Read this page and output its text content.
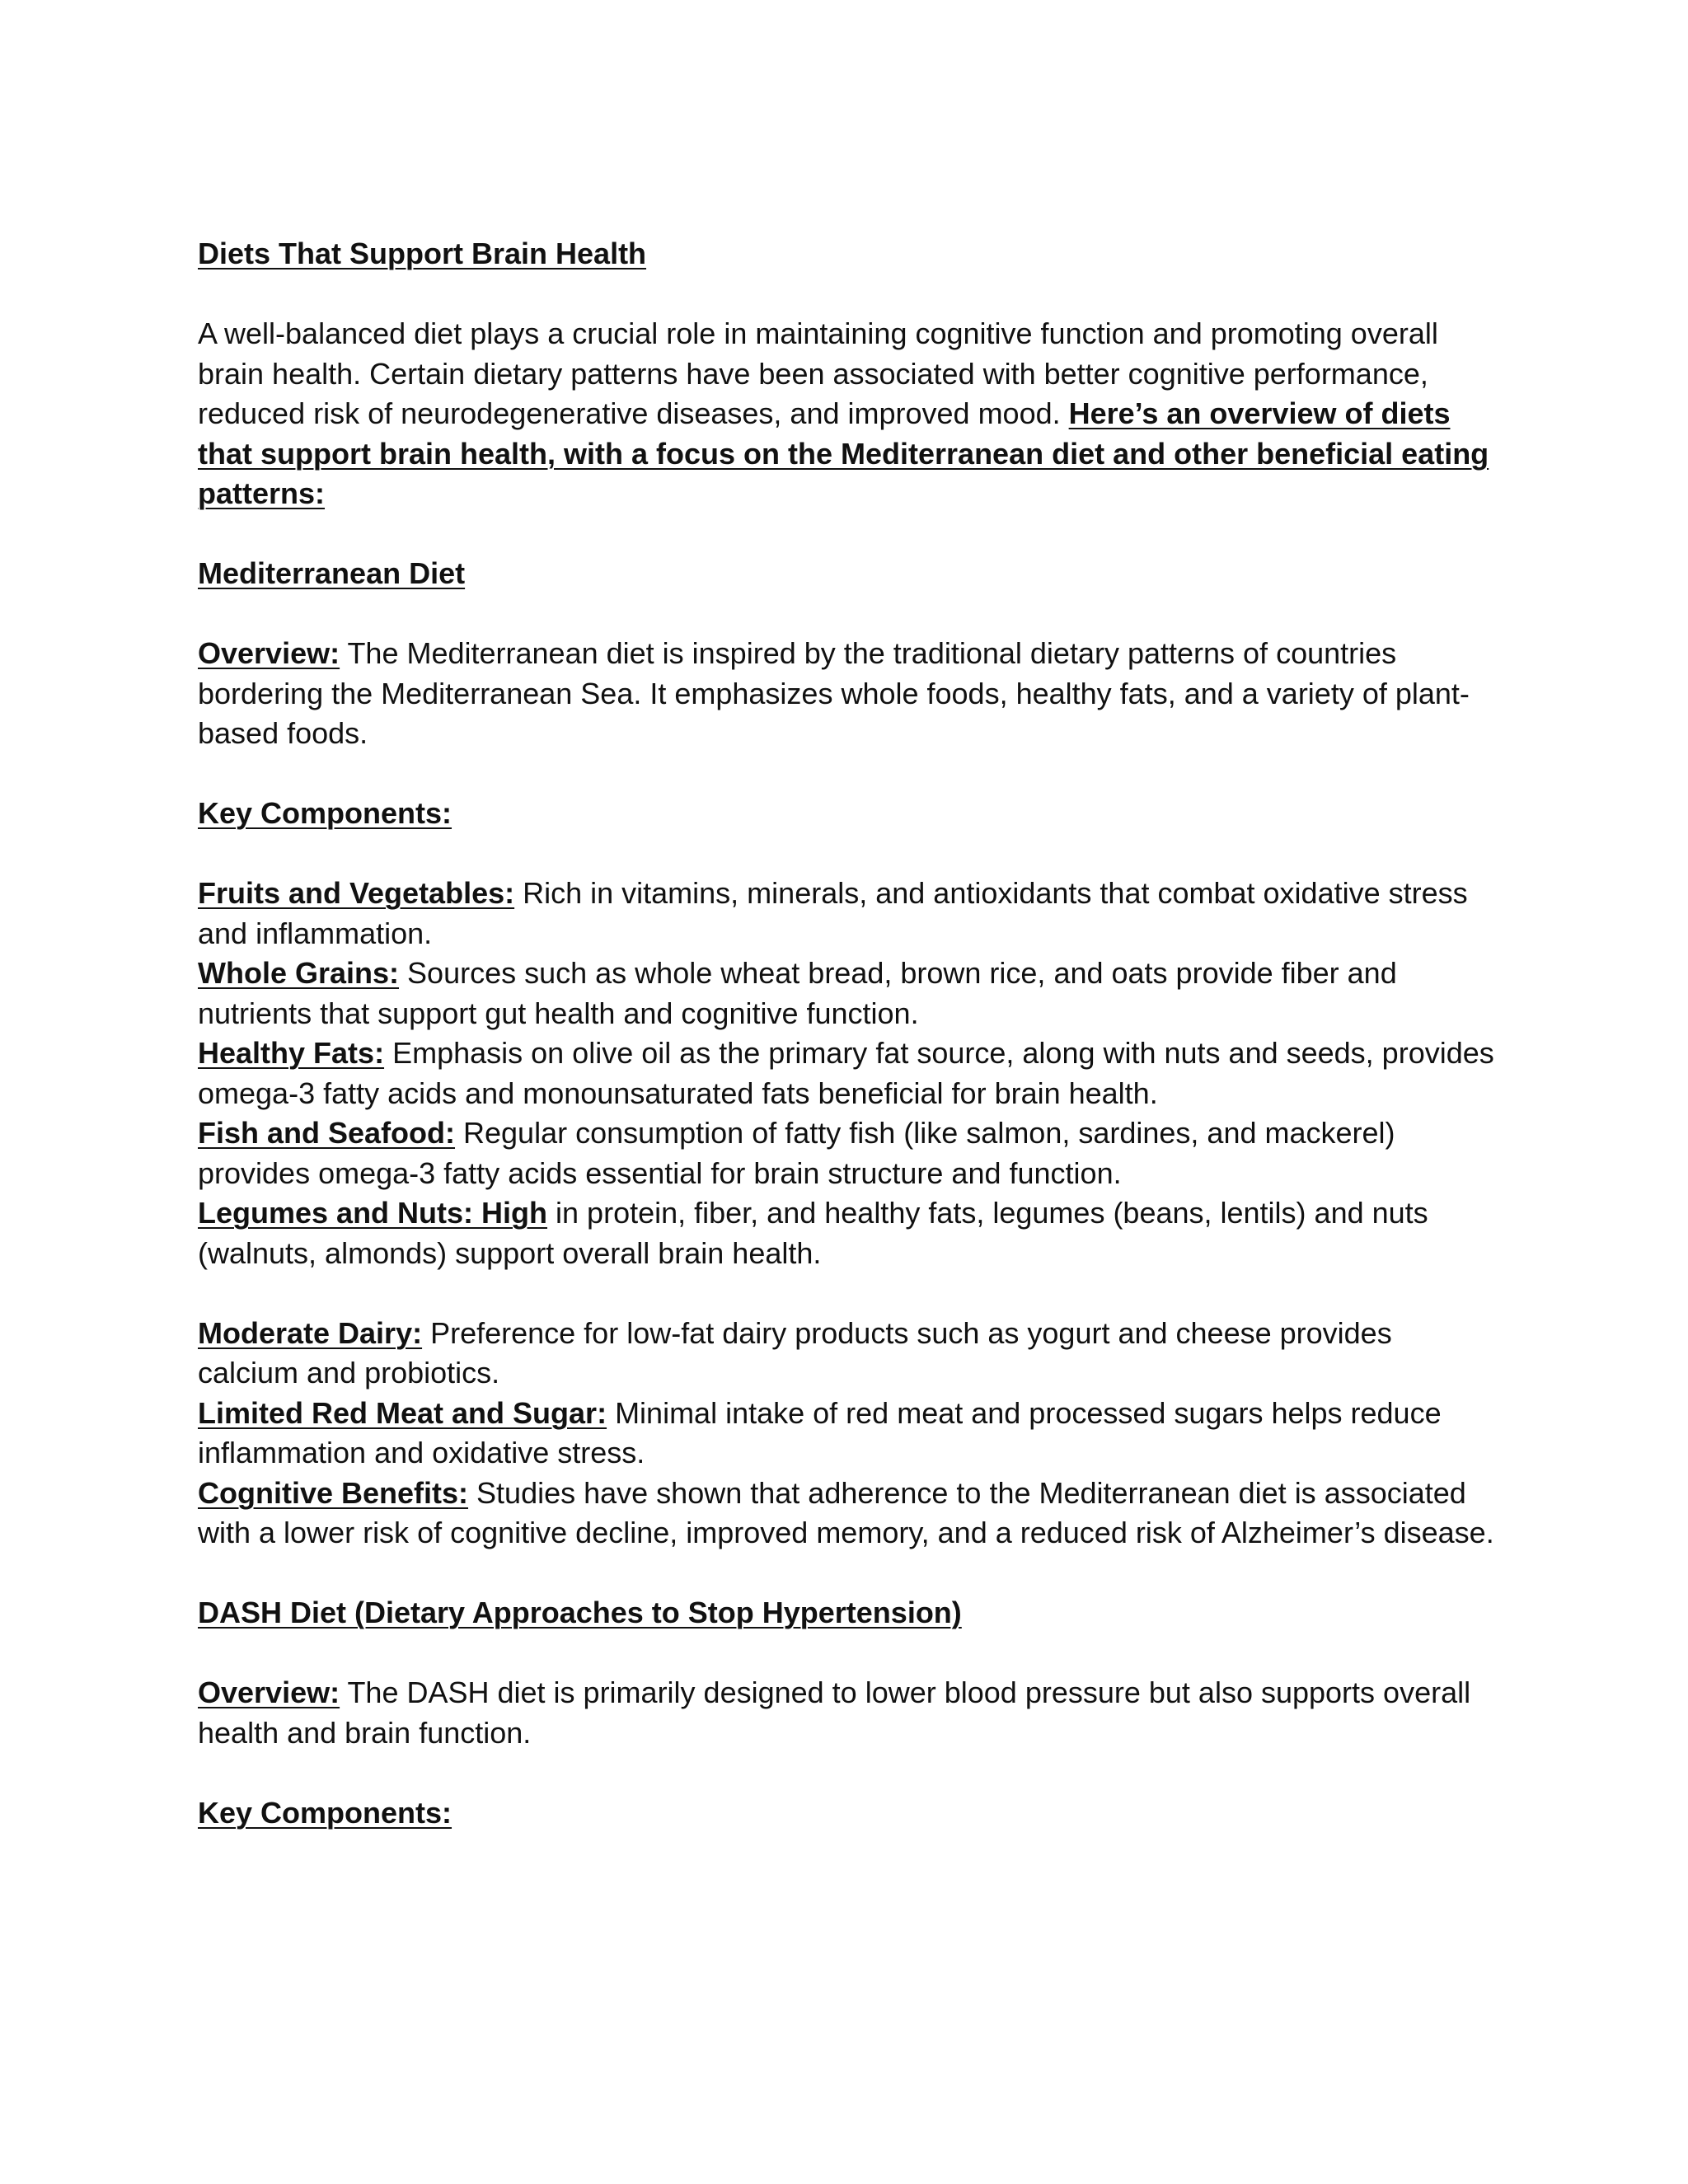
Diets That Support Brain Health

A well-balanced diet plays a crucial role in maintaining cognitive function and promoting overall brain health. Certain dietary patterns have been associated with better cognitive performance, reduced risk of neurodegenerative diseases, and improved mood. Here’s an overview of diets that support brain health, with a focus on the Mediterranean diet and other beneficial eating patterns:

Mediterranean Diet

Overview: The Mediterranean diet is inspired by the traditional dietary patterns of countries bordering the Mediterranean Sea. It emphasizes whole foods, healthy fats, and a variety of plant-based foods.

Key Components:

Fruits and Vegetables: Rich in vitamins, minerals, and antioxidants that combat oxidative stress and inflammation.

Whole Grains: Sources such as whole wheat bread, brown rice, and oats provide fiber and nutrients that support gut health and cognitive function.

Healthy Fats: Emphasis on olive oil as the primary fat source, along with nuts and seeds, provides omega-3 fatty acids and monounsaturated fats beneficial for brain health.

Fish and Seafood: Regular consumption of fatty fish (like salmon, sardines, and mackerel) provides omega-3 fatty acids essential for brain structure and function.

Legumes and Nuts: High in protein, fiber, and healthy fats, legumes (beans, lentils) and nuts (walnuts, almonds) support overall brain health.

Moderate Dairy: Preference for low-fat dairy products such as yogurt and cheese provides calcium and probiotics.

Limited Red Meat and Sugar: Minimal intake of red meat and processed sugars helps reduce inflammation and oxidative stress.

Cognitive Benefits: Studies have shown that adherence to the Mediterranean diet is associated with a lower risk of cognitive decline, improved memory, and a reduced risk of Alzheimer’s disease.

DASH Diet (Dietary Approaches to Stop Hypertension)

Overview: The DASH diet is primarily designed to lower blood pressure but also supports overall health and brain function.

Key Components:
